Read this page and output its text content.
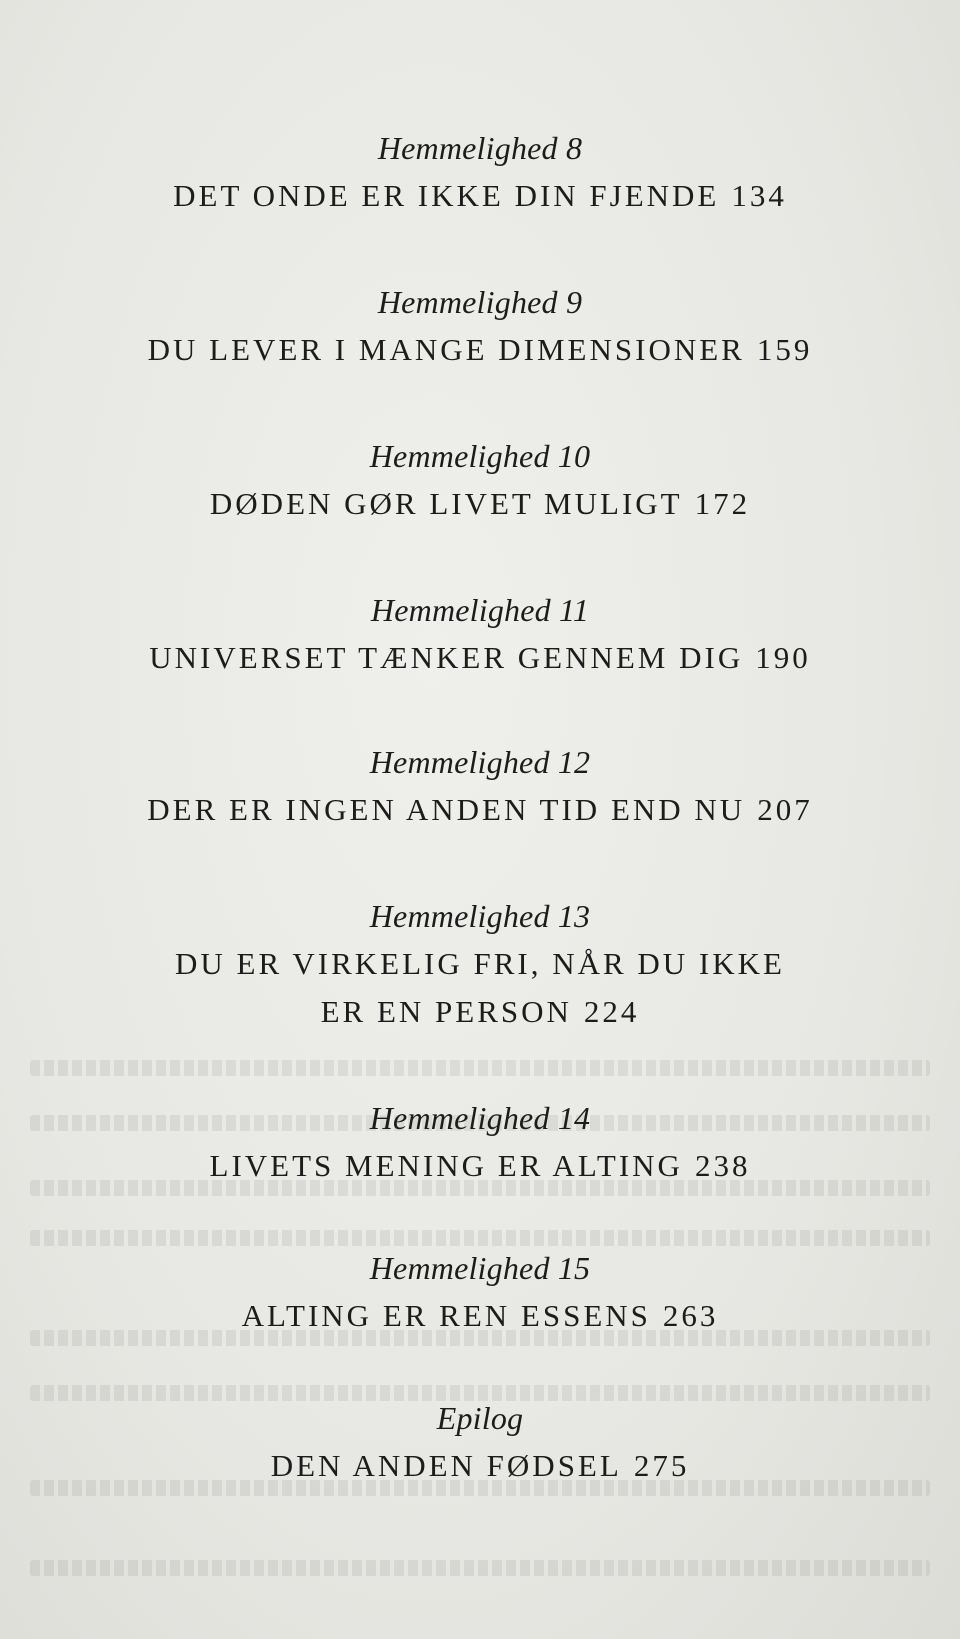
Hemmelighed 8
DET ONDE ER IKKE DIN FJENDE 134
Hemmelighed 9
DU LEVER I MANGE DIMENSIONER 159
Hemmelighed 10
DØDEN GØR LIVET MULIGT 172
Hemmelighed 11
UNIVERSET TÆNKER GENNEM DIG 190
Hemmelighed 12
DER ER INGEN ANDEN TID END NU 207
Hemmelighed 13
DU ER VIRKELIG FRI, NÅR DU IKKE
ER EN PERSON 224
Hemmelighed 14
LIVETS MENING ER ALTING 238
Hemmelighed 15
ALTING ER REN ESSENS 263
Epilog
DEN ANDEN FØDSEL 275
